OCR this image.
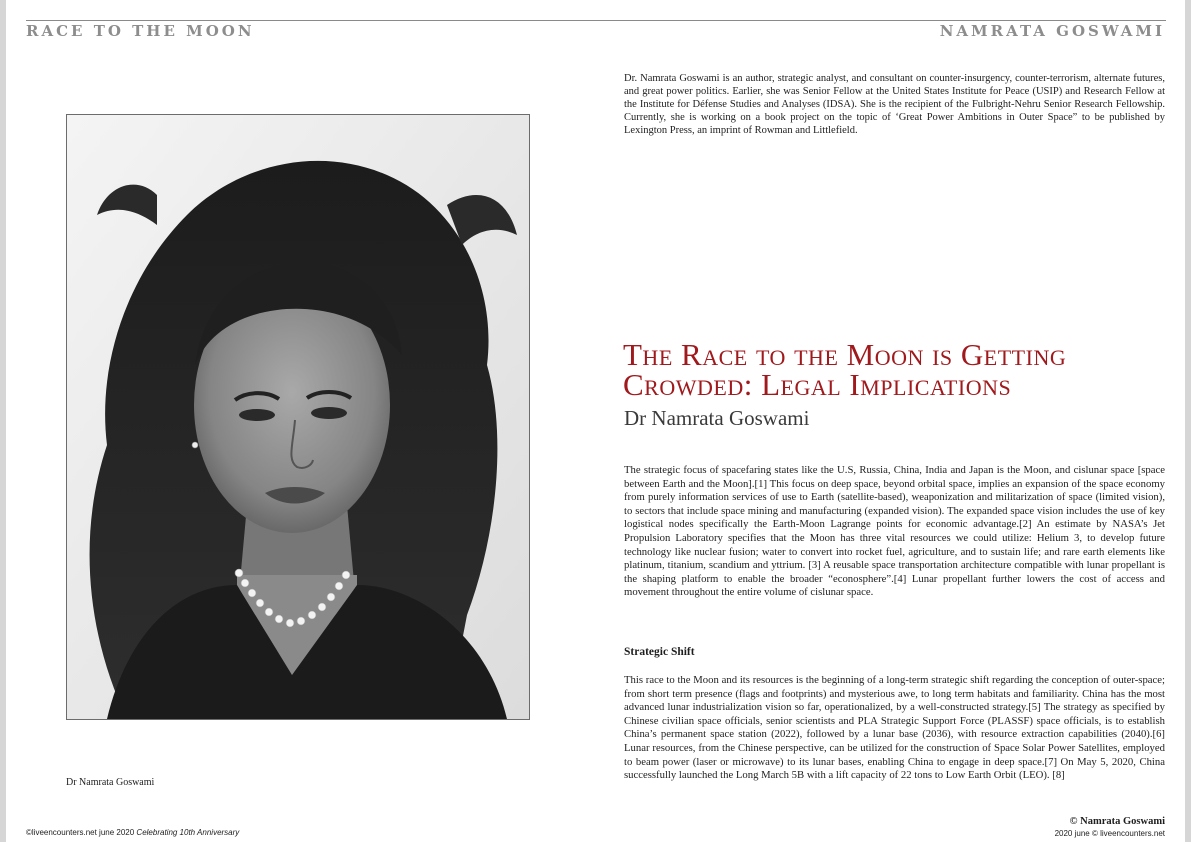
RACE TO THE MOON	NAMRATA GOSWAMI
Dr Namrata Goswami
Dr. Namrata Goswami is an author, strategic analyst, and consultant on counter-insurgency, counter-terrorism, alternate futures, and great power politics. Earlier, she was Senior Fellow at the United States Institute for Peace (USIP) and Research Fellow at the Institute for Défense Studies and Analyses (IDSA). She is the recipient of the Fulbright-Nehru Senior Research Fellowship. Currently, she is working on a book project on the topic of ‘Great Power Ambitions in Outer Space” to be published by Lexington Press, an imprint of Rowman and Littlefield.
The Race to the Moon is Getting Crowded: Legal Implications
Dr Namrata Goswami
The strategic focus of spacefaring states like the U.S, Russia, China, India and Japan is the Moon, and cislunar space [space between Earth and the Moon].[1] This focus on deep space, beyond orbital space, implies an expansion of the space economy from purely information services of use to Earth (satellite-based), weaponization and militarization of space (limited vision), to sectors that include space mining and manufacturing (expanded vision). The expanded space vision includes the use of key logistical nodes specifically the Earth-Moon Lagrange points for economic advantage.[2] An estimate by NASA’s Jet Propulsion Laboratory specifies that the Moon has three vital resources we could utilize: Helium 3, to develop future technology like nuclear fusion; water to convert into rocket fuel, agriculture, and to sustain life; and rare earth elements like platinum, titanium, scandium and yttrium. [3] A reusable space transportation architecture compatible with lunar propellant is the shaping platform to enable the broader “econosphere”.[4] Lunar propellant further lowers the cost of access and movement throughout the entire volume of cislunar space.
Strategic Shift
This race to the Moon and its resources is the beginning of a long-term strategic shift regarding the conception of outer-space; from short term presence (flags and footprints) and mysterious awe, to long term habitats and familiarity. China has the most advanced lunar industrialization vision so far, operationalized, by a well-constructed strategy.[5] The strategy as specified by Chinese civilian space officials, senior scientists and PLA Strategic Support Force (PLASSF) space officials, is to establish China’s permanent space station (2022), followed by a lunar base (2036), with resource extraction capabilities (2040).[6] Lunar resources, from the Chinese perspective, can be utilized for the construction of Space Solar Power Satellites, employed to beam power (laser or microwave) to its lunar bases, enabling China to engage in deep space.[7] On May 5, 2020, China successfully launched the Long March 5B with a lift capacity of 22 tons to Low Earth Orbit (LEO). [8]
© Namrata Goswami
©liveencounters.net june 2020 Celebrating 10th Anniversary	2020 june © liveencounters.net
